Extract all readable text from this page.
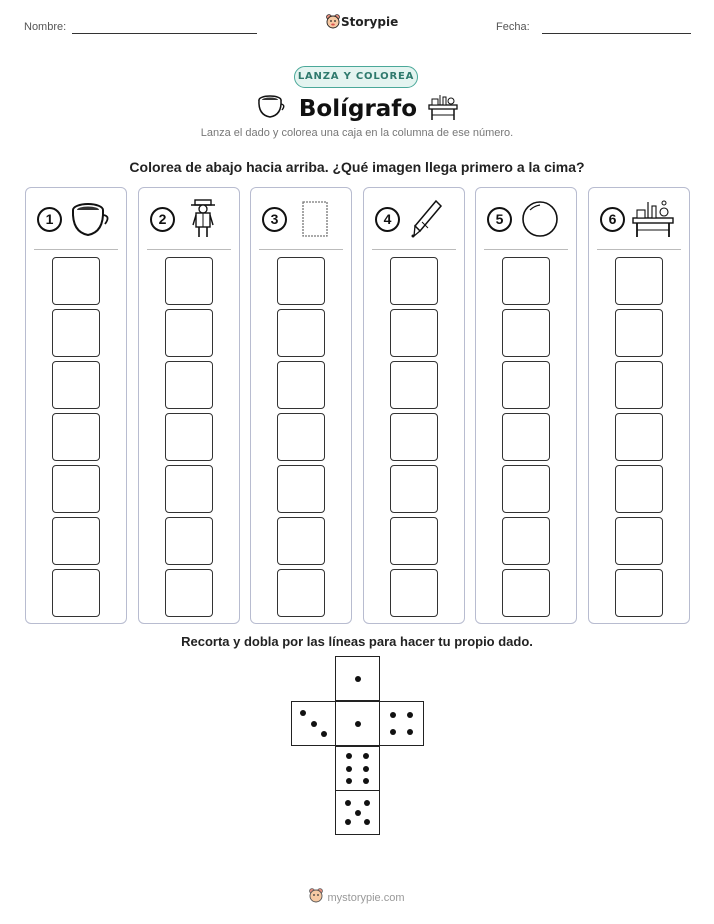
Nombre:	Storypie	Fecha:
LANZA Y COLOREA
Bolígrafo
Lanza el dado y colorea una caja en la columna de ese número.
Colorea de abajo hacia arriba. ¿Qué imagen llega primero a la cima?
1	2	3	4	5	6
Recorta y dobla por las líneas para hacer tu propio dado.
mystorypie.com
